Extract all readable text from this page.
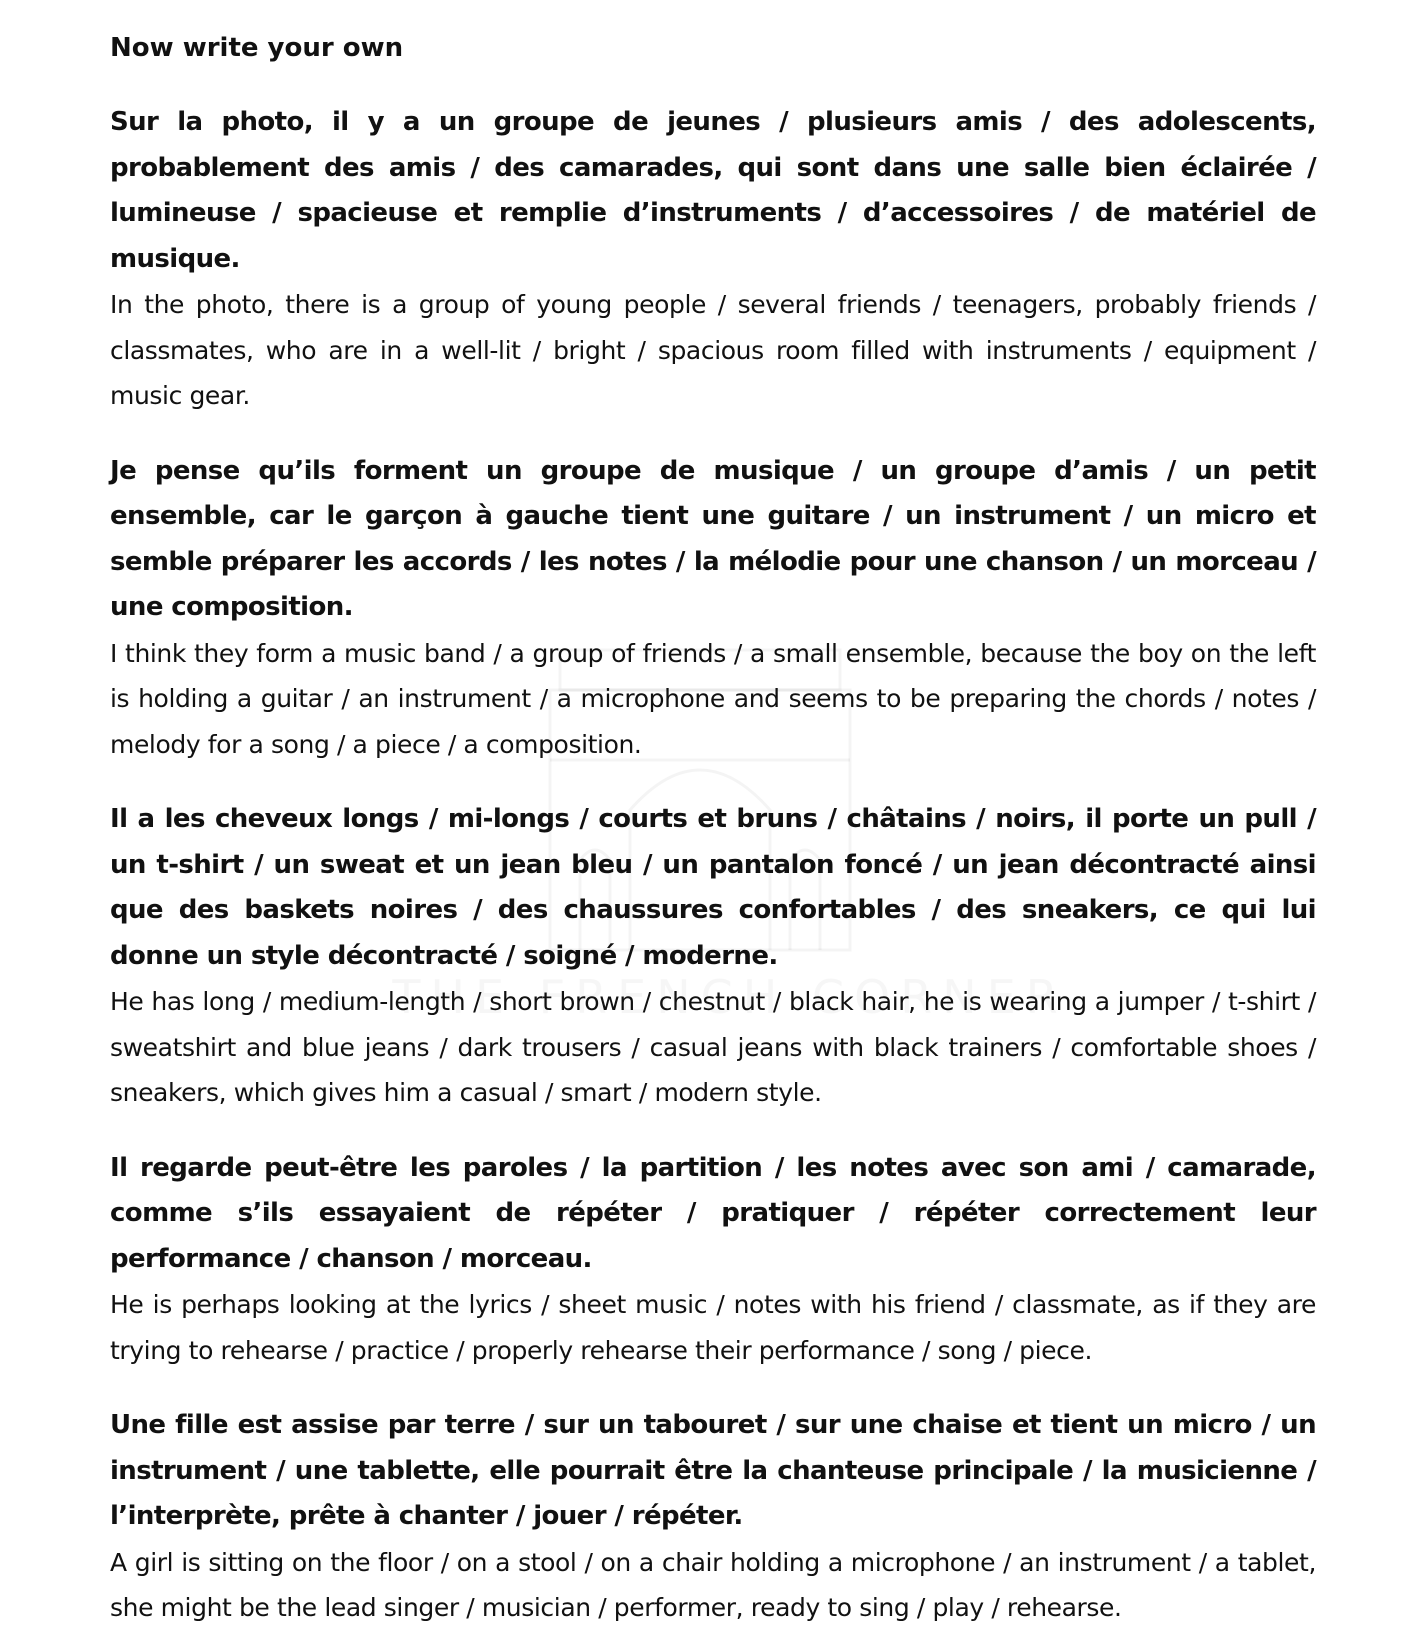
Now write your own

Sur la photo, il y a un groupe de jeunes / plusieurs amis / des adolescents, probablement des amis / des camarades, qui sont dans une salle bien éclairée / lumineuse / spacieuse et remplie d’instruments / d’accessoires / de matériel de musique.

In the photo, there is a group of young people / several friends / teenagers, probably friends / classmates, who are in a well-lit / bright / spacious room filled with instruments / equipment / music gear.

Je pense qu’ils forment un groupe de musique / un groupe d’amis / un petit ensemble, car le garçon à gauche tient une guitare / un instrument / un micro et semble préparer les accords / les notes / la mélodie pour une chanson / un morceau / une composition.

I think they form a music band / a group of friends / a small ensemble, because the boy on the left is holding a guitar / an instrument / a microphone and seems to be preparing the chords / notes / melody for a song / a piece / a composition.

Il a les cheveux longs / mi-longs / courts et bruns / châtains / noirs, il porte un pull / un t-shirt / un sweat et un jean bleu / un pantalon foncé / un jean décontracté ainsi que des baskets noires / des chaussures confortables / des sneakers, ce qui lui donne un style décontracté / soigné / moderne.

He has long / medium-length / short brown / chestnut / black hair, he is wearing a jumper / t-shirt / sweatshirt and blue jeans / dark trousers / casual jeans with black trainers / comfortable shoes / sneakers, which gives him a casual / smart / modern style.

Il regarde peut-être les paroles / la partition / les notes avec son ami / camarade, comme s’ils essayaient de répéter / pratiquer / répéter correctement leur performance / chanson / morceau.

He is perhaps looking at the lyrics / sheet music / notes with his friend / classmate, as if they are trying to rehearse / practice / properly rehearse their performance / song / piece.

Une fille est assise par terre / sur un tabouret / sur une chaise et tient un micro / un instrument / une tablette, elle pourrait être la chanteuse principale / la musicienne / l’interprète, prête à chanter / jouer / répéter.

A girl is sitting on the floor / on a stool / on a chair holding a microphone / an instrument / a tablet, she might be the lead singer / musician / performer, ready to sing / play / rehearse.
